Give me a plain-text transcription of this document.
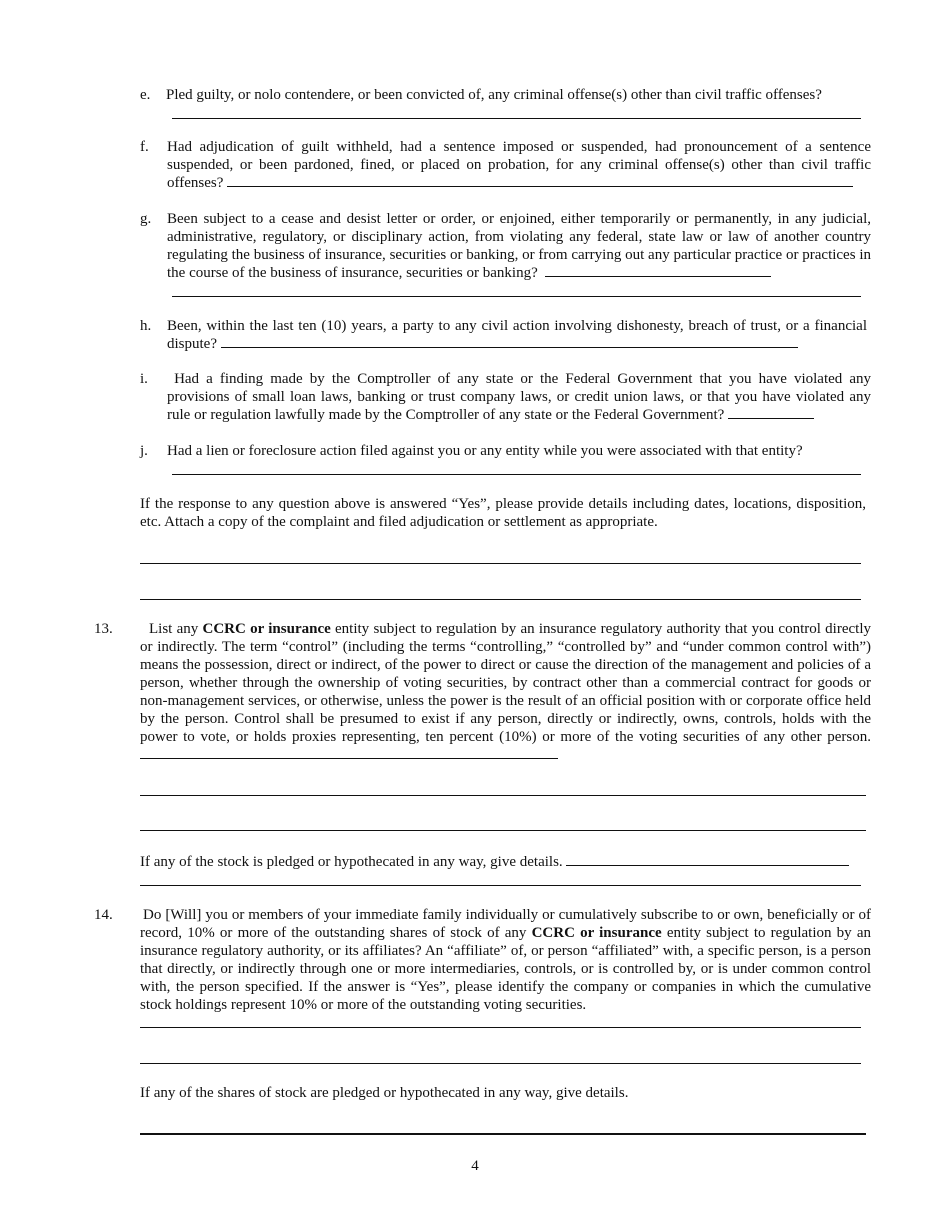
e. Pled guilty, or nolo contendere, or been convicted of, any criminal offense(s) other than civil traffic offenses?

f. Had adjudication of guilt withheld, had a sentence imposed or suspended, had pronouncement of a sentence suspended, or been pardoned, fined, or placed on probation, for any criminal offense(s) other than civil traffic offenses?

g. Been subject to a cease and desist letter or order, or enjoined, either temporarily or permanently, in any judicial, administrative, regulatory, or disciplinary action, from violating any federal, state law or law of another country regulating the business of insurance, securities or banking, or from carrying out any particular practice or practices in the course of the business of insurance, securities or banking?

h. Been, within the last ten (10) years, a party to any civil action involving dishonesty, breach of trust, or a financial dispute?

i.	Had a finding made by the Comptroller of any state or the Federal Government that you have violated any provisions of small loan laws, banking or trust company laws, or credit union laws, or that you have violated any rule or regulation lawfully made by the Comptroller of any state or the Federal Government?

j. Had a lien or foreclosure action filed against you or any entity while you were associated with that entity?

If the response to any question above is answered “Yes”, please provide details including dates, locations, disposition, etc. Attach a copy of the complaint and filed adjudication or settlement as appropriate.

13.	List any CCRC or insurance entity subject to regulation by an insurance regulatory authority that you control directly or indirectly. The term “control” (including the terms “controlling,” “controlled by” and “under common control with”) means the possession, direct or indirect, of the power to direct or cause the direction of the management and policies of a person, whether through the ownership of voting securities, by contract other than a commercial contract for goods or non-management services, or otherwise, unless the power is the result of an official position with or corporate office held by the person. Control shall be presumed to exist if any person, directly or indirectly, owns, controls, holds with the power to vote, or holds proxies representing, ten percent (10%) or more of the voting securities of any other person.

If any of the stock is pledged or hypothecated in any way, give details.

14. Do [Will] you or members of your immediate family individually or cumulatively subscribe to or own, beneficially or of record, 10% or more of the outstanding shares of stock of any CCRC or insurance entity subject to regulation by an insurance regulatory authority, or its affiliates? An “affiliate” of, or person “affiliated” with, a specific person, is a person that directly, or indirectly through one or more intermediaries, controls, or is controlled by, or is under common control with, the person specified. If the answer is “Yes”, please identify the company or companies in which the cumulative stock holdings represent 10% or more of the outstanding voting securities.

If any of the shares of stock are pledged or hypothecated in any way, give details.

4
